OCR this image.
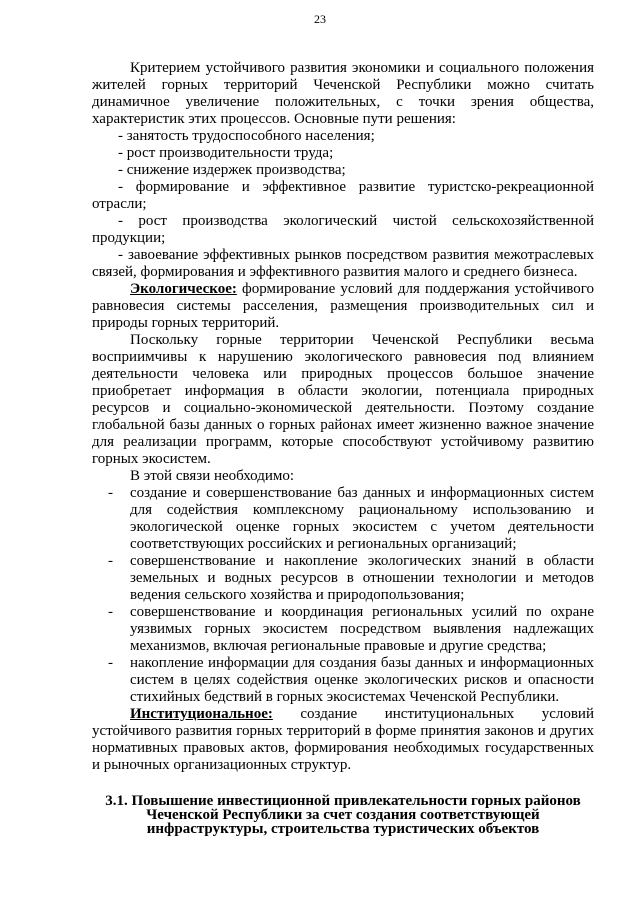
23

Критерием устойчивого развития экономики и социального положения жителей горных территорий Чеченской Республики можно считать динамичное увеличение положительных, с точки зрения общества, характеристик этих процессов. Основные пути решения:

- занятость трудоспособного населения;
- рост производительности труда;
- снижение издержек производства;
- формирование и эффективное развитие туристско-рекреационной отрасли;
- рост производства экологический чистой сельскохозяйственной продукции;
- завоевание эффективных рынков посредством развития межотраслевых связей, формирования и эффективного развития малого и среднего бизнеса.

Экологическое: формирование условий для поддержания устойчивого равновесия системы расселения, размещения производительных сил и природы горных территорий.

Поскольку горные территории Чеченской Республики весьма восприимчивы к нарушению экологического равновесия под влиянием деятельности человека или природных процессов большое значение приобретает информация в области экологии, потенциала природных ресурсов и социально-экономической деятельности. Поэтому создание глобальной базы данных о горных районах имеет жизненно важное значение для реализации программ, которые способствуют устойчивому развитию горных экосистем.

В этой связи необходимо:

- создание и совершенствование баз данных и информационных систем для содействия комплексному рациональному использованию и экологической оценке горных экосистем с учетом деятельности соответствующих российских и региональных организаций;
- совершенствование и накопление экологических знаний в области земельных и водных ресурсов в отношении технологии и методов ведения сельского хозяйства и природопользования;
- совершенствование и координация региональных усилий по охране уязвимых горных экосистем посредством выявления надлежащих механизмов, включая региональные правовые и другие средства;
- накопление информации для создания базы данных и информационных систем в целях содействия оценке экологических рисков и опасности стихийных бедствий в горных экосистемах Чеченской Республики.

Институциональное: создание институциональных условий устойчивого развития горных территорий в форме принятия законов и других нормативных правовых актов, формирования необходимых государственных и рыночных организационных структур.

3.1. Повышение инвестиционной привлекательности горных районов
Чеченской Республики за счет создания соответствующей
инфраструктуры, строительства туристических объектов
